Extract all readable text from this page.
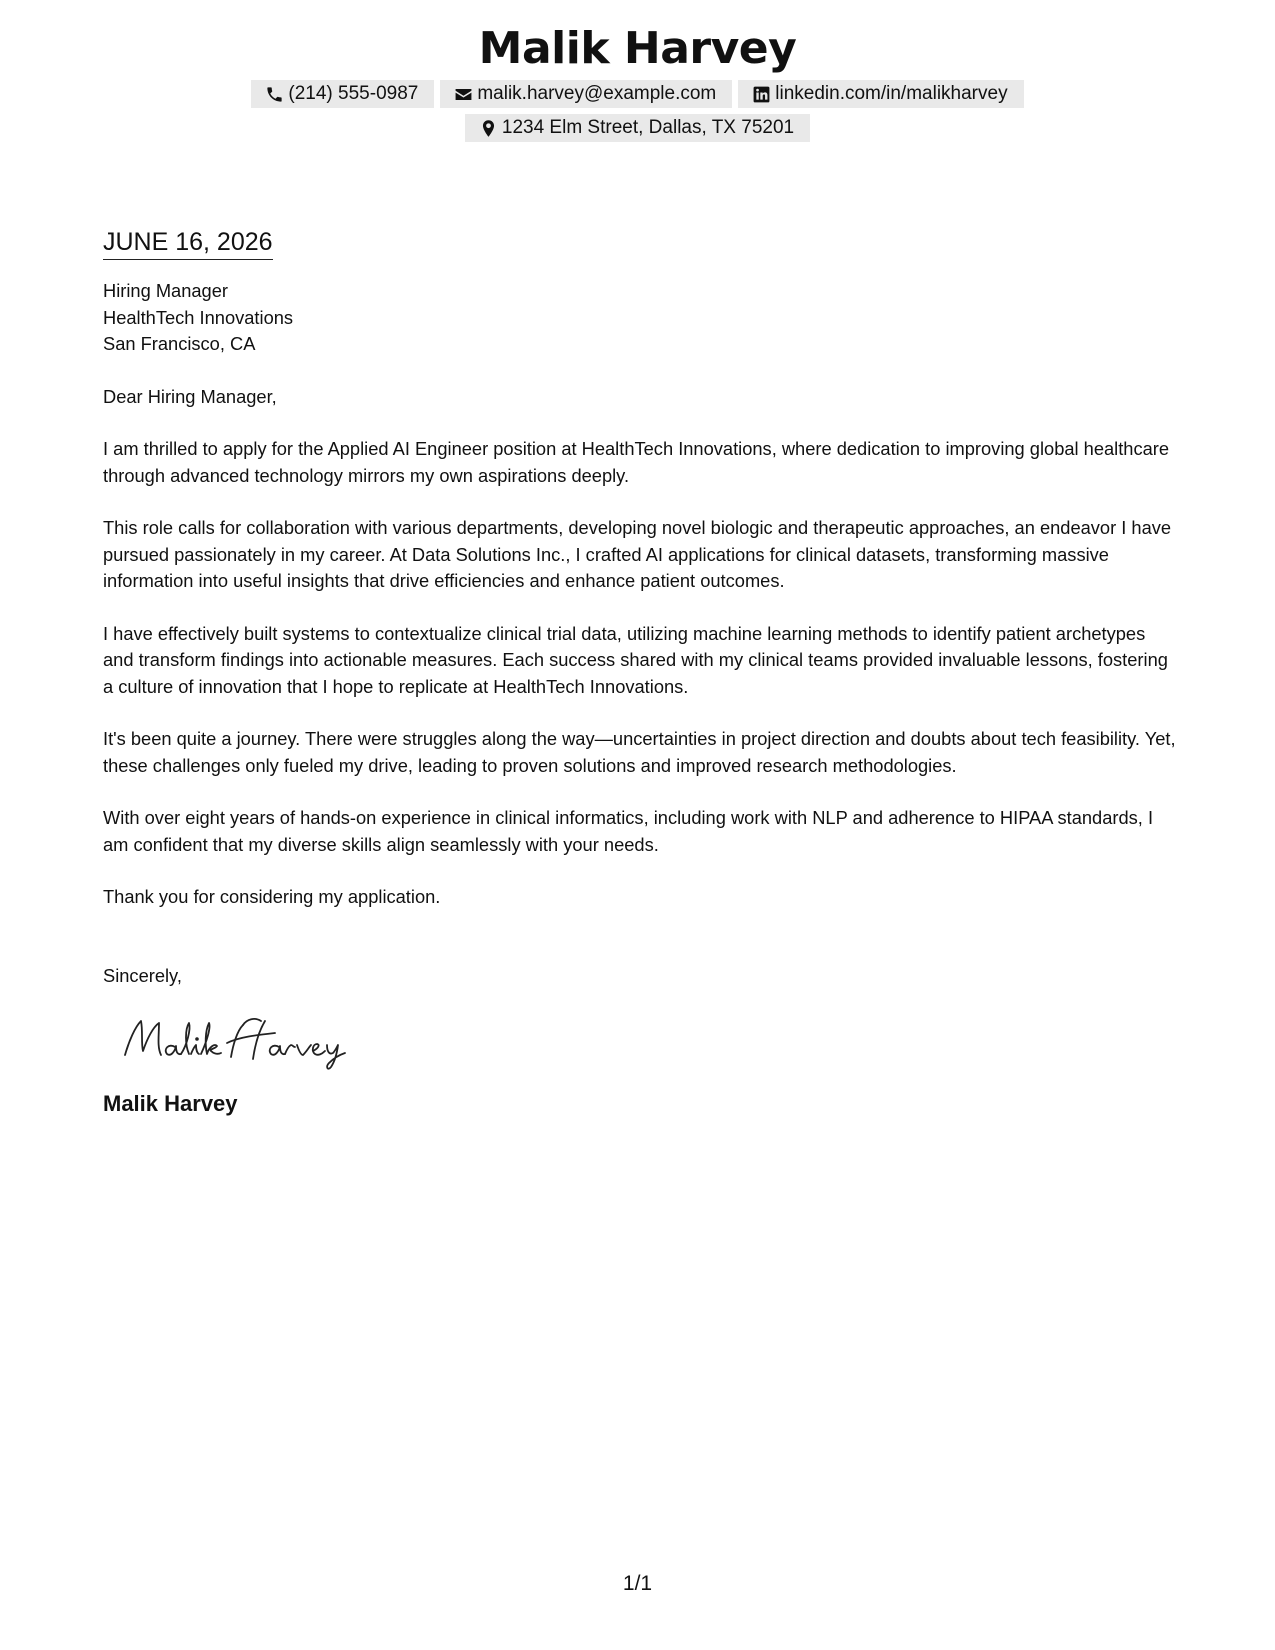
Malik Harvey
(214) 555-0987	malik.harvey@example.com	linkedin.com/in/malikharvey
1234 Elm Street, Dallas, TX 75201
JUNE 16, 2026
Hiring Manager
HealthTech Innovations
San Francisco, CA
Dear Hiring Manager,

I am thrilled to apply for the Applied AI Engineer position at HealthTech Innovations, where dedication to improving global healthcare through advanced technology mirrors my own aspirations deeply.

This role calls for collaboration with various departments, developing novel biologic and therapeutic approaches, an endeavor I have pursued passionately in my career. At Data Solutions Inc., I crafted AI applications for clinical datasets, transforming massive information into useful insights that drive efficiencies and enhance patient outcomes.

I have effectively built systems to contextualize clinical trial data, utilizing machine learning methods to identify patient archetypes and transform findings into actionable measures. Each success shared with my clinical teams provided invaluable lessons, fostering a culture of innovation that I hope to replicate at HealthTech Innovations.

It's been quite a journey. There were struggles along the way—uncertainties in project direction and doubts about tech feasibility. Yet, these challenges only fueled my drive, leading to proven solutions and improved research methodologies.

With over eight years of hands-on experience in clinical informatics, including work with NLP and adherence to HIPAA standards, I am confident that my diverse skills align seamlessly with your needs.

Thank you for considering my application.

Sincerely,
Malik Harvey
1/1
